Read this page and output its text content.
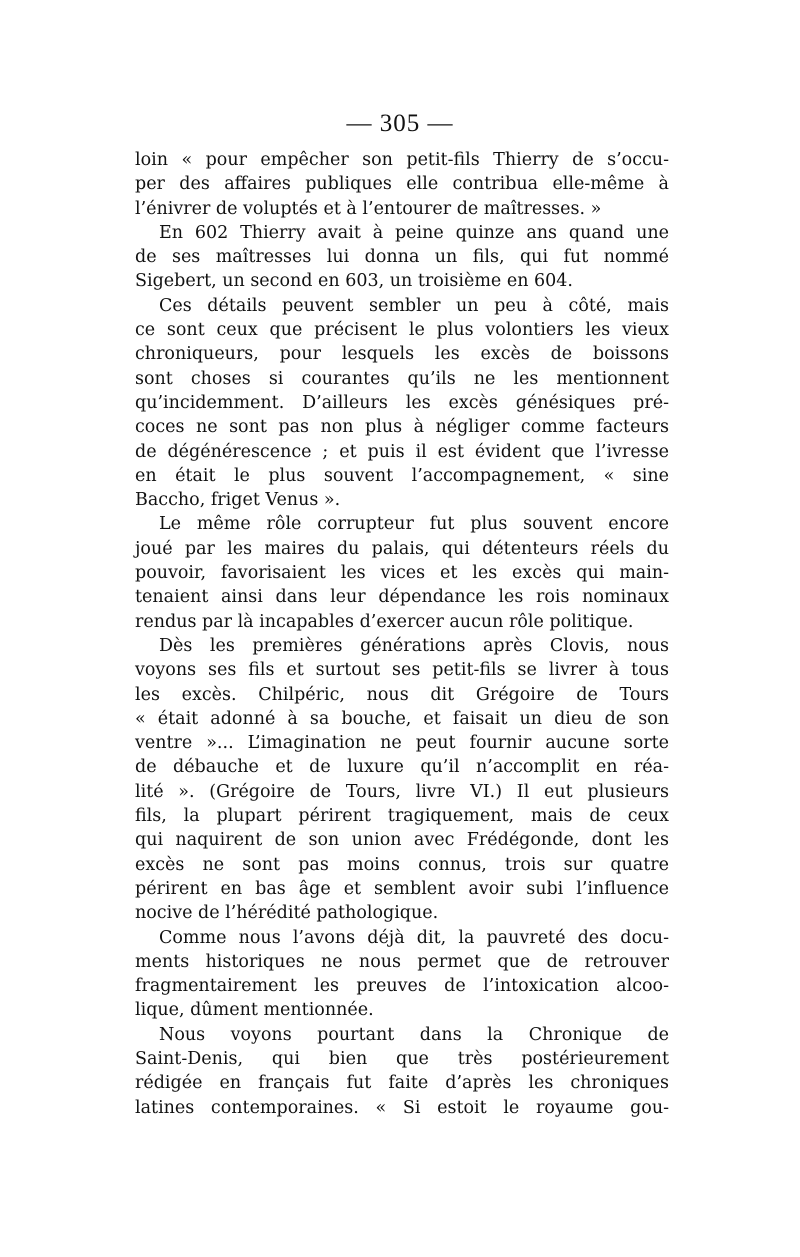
— 305 —
loin « pour empêcher son petit-fils Thierry de s’occu-
per des affaires publiques elle contribua elle-même à
l’énivrer de voluptés et à l’entourer de maîtresses. »
En 602 Thierry avait à peine quinze ans quand une
de ses maîtresses lui donna un fils, qui fut nommé
Sigebert, un second en 603, un troisième en 604.
Ces détails peuvent sembler un peu à côté, mais
ce sont ceux que précisent le plus volontiers les vieux
chroniqueurs, pour lesquels les excès de boissons
sont choses si courantes qu’ils ne les mentionnent
qu’incidemment. D’ailleurs les excès génésiques pré-
coces ne sont pas non plus à négliger comme facteurs
de dégénérescence ; et puis il est évident que l’ivresse
en était le plus souvent l’accompagnement, « sine
Baccho, friget Venus ».
Le même rôle corrupteur fut plus souvent encore
joué par les maires du palais, qui détenteurs réels du
pouvoir, favorisaient les vices et les excès qui main-
tenaient ainsi dans leur dépendance les rois nominaux
rendus par là incapables d’exercer aucun rôle politique.
Dès les premières générations après Clovis, nous
voyons ses fils et surtout ses petit-fils se livrer à tous
les excès. Chilpéric, nous dit Grégoire de Tours
« était adonné à sa bouche, et faisait un dieu de son
ventre »... L’imagination ne peut fournir aucune sorte
de débauche et de luxure qu’il n’accomplit en réa-
lité ». (Grégoire de Tours, livre VI.) Il eut plusieurs
fils, la plupart périrent tragiquement, mais de ceux
qui naquirent de son union avec Frédégonde, dont les
excès ne sont pas moins connus, trois sur quatre
périrent en bas âge et semblent avoir subi l’influence
nocive de l’hérédité pathologique.
Comme nous l’avons déjà dit, la pauvreté des docu-
ments historiques ne nous permet que de retrouver
fragmentairement les preuves de l’intoxication alcoo-
lique, dûment mentionnée.
Nous voyons pourtant dans la Chronique de
Saint-Denis, qui bien que très postérieurement
rédigée en français fut faite d’après les chroniques
latines contemporaines. « Si estoit le royaume gou-
